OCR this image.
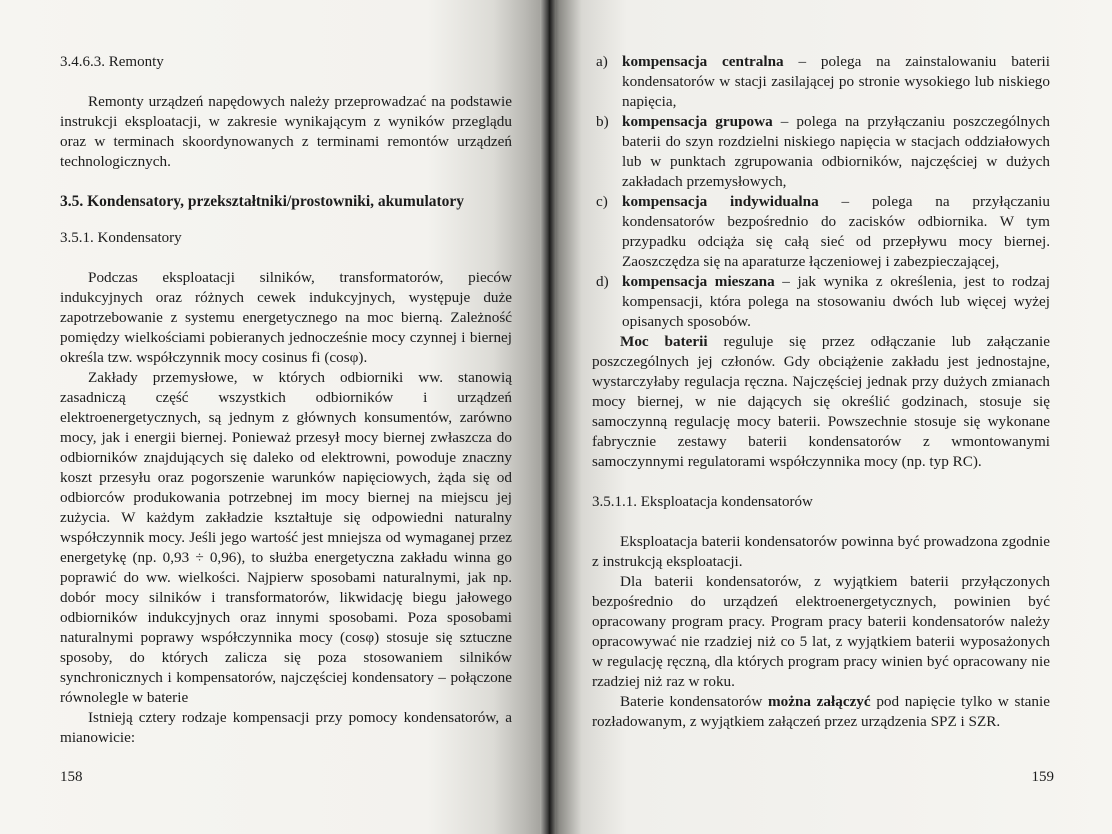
3.4.6.3. Remonty

Remonty urządzeń napędowych należy przeprowadzać na podstawie instrukcji eksploatacji, w zakresie wynikającym z wyników przeglądu oraz w terminach skoordynowanych z terminami remontów urządzeń technologicznych.

3.5. Kondensatory, przekształtniki/prostowniki, akumulatory

3.5.1. Kondensatory

Podczas eksploatacji silników, transformatorów, pieców indukcyjnych oraz różnych cewek indukcyjnych, występuje duże zapotrzebowanie z systemu energetycznego na moc bierną. Zależność pomiędzy wielkościami pobieranych jednocześnie mocy czynnej i biernej określa tzw. współczynnik mocy cosinus fi (cosφ).

Zakłady przemysłowe, w których odbiorniki ww. stanowią zasadniczą część wszystkich odbiorników i urządzeń elektroenergetycznych, są jednym z głównych konsumentów, zarówno mocy, jak i energii biernej. Ponieważ przesył mocy biernej zwłaszcza do odbiorników znajdujących się daleko od elektrowni, powoduje znaczny koszt przesyłu oraz pogorszenie warunków napięciowych, żąda się od odbiorców produkowania potrzebnej im mocy biernej na miejscu jej zużycia. W każdym zakładzie kształtuje się odpowiedni naturalny współczynnik mocy. Jeśli jego wartość jest mniejsza od wymaganej przez energetykę (np. 0,93 ÷ 0,96), to służba energetyczna zakładu winna go poprawić do ww. wielkości. Najpierw sposobami naturalnymi, jak np. dobór mocy silników i transformatorów, likwidację biegu jałowego odbiorników indukcyjnych oraz innymi sposobami. Poza sposobami naturalnymi poprawy współczynnika mocy (cosφ) stosuje się sztuczne sposoby, do których zalicza się poza stosowaniem silników synchronicznych i kompensatorów, najczęściej kondensatory – połączone równolegle w baterie

Istnieją cztery rodzaje kompensacji przy pomocy kondensatorów, a mianowicie:

158
a) kompensacja centralna – polega na zainstalowaniu baterii kondensatorów w stacji zasilającej po stronie wysokiego lub niskiego napięcia,
b) kompensacja grupowa – polega na przyłączaniu poszczególnych baterii do szyn rozdzielni niskiego napięcia w stacjach oddziałowych lub w punktach zgrupowania odbiorników, najczęściej w dużych zakładach przemysłowych,
c) kompensacja indywidualna – polega na przyłączaniu kondensatorów bezpośrednio do zacisków odbiornika. W tym przypadku odciąża się całą sieć od przepływu mocy biernej. Zaoszczędza się na aparaturze łączeniowej i zabezpieczającej,
d) kompensacja mieszana – jak wynika z określenia, jest to rodzaj kompensacji, która polega na stosowaniu dwóch lub więcej wyżej opisanych sposobów.

Moc baterii reguluje się przez odłączanie lub załączanie poszczególnych jej członów. Gdy obciążenie zakładu jest jednostajne, wystarczyłaby regulacja ręczna. Najczęściej jednak przy dużych zmianach mocy biernej, w nie dających się określić godzinach, stosuje się samoczynną regulację mocy baterii. Powszechnie stosuje się wykonane fabrycznie zestawy baterii kondensatorów z wmontowanymi samoczynnymi regulatorami współczynnika mocy (np. typ RC).

3.5.1.1. Eksploatacja kondensatorów

Eksploatacja baterii kondensatorów powinna być prowadzona zgodnie z instrukcją eksploatacji.

Dla baterii kondensatorów, z wyjątkiem baterii przyłączonych bezpośrednio do urządzeń elektroenergetycznych, powinien być opracowany program pracy. Program pracy baterii kondensatorów należy opracowywać nie rzadziej niż co 5 lat, z wyjątkiem baterii wyposażonych w regulację ręczną, dla których program pracy winien być opracowany nie rzadziej niż raz w roku.

Baterie kondensatorów można załączyć pod napięcie tylko w stanie rozładowanym, z wyjątkiem załączeń przez urządzenia SPZ i SZR.

159
